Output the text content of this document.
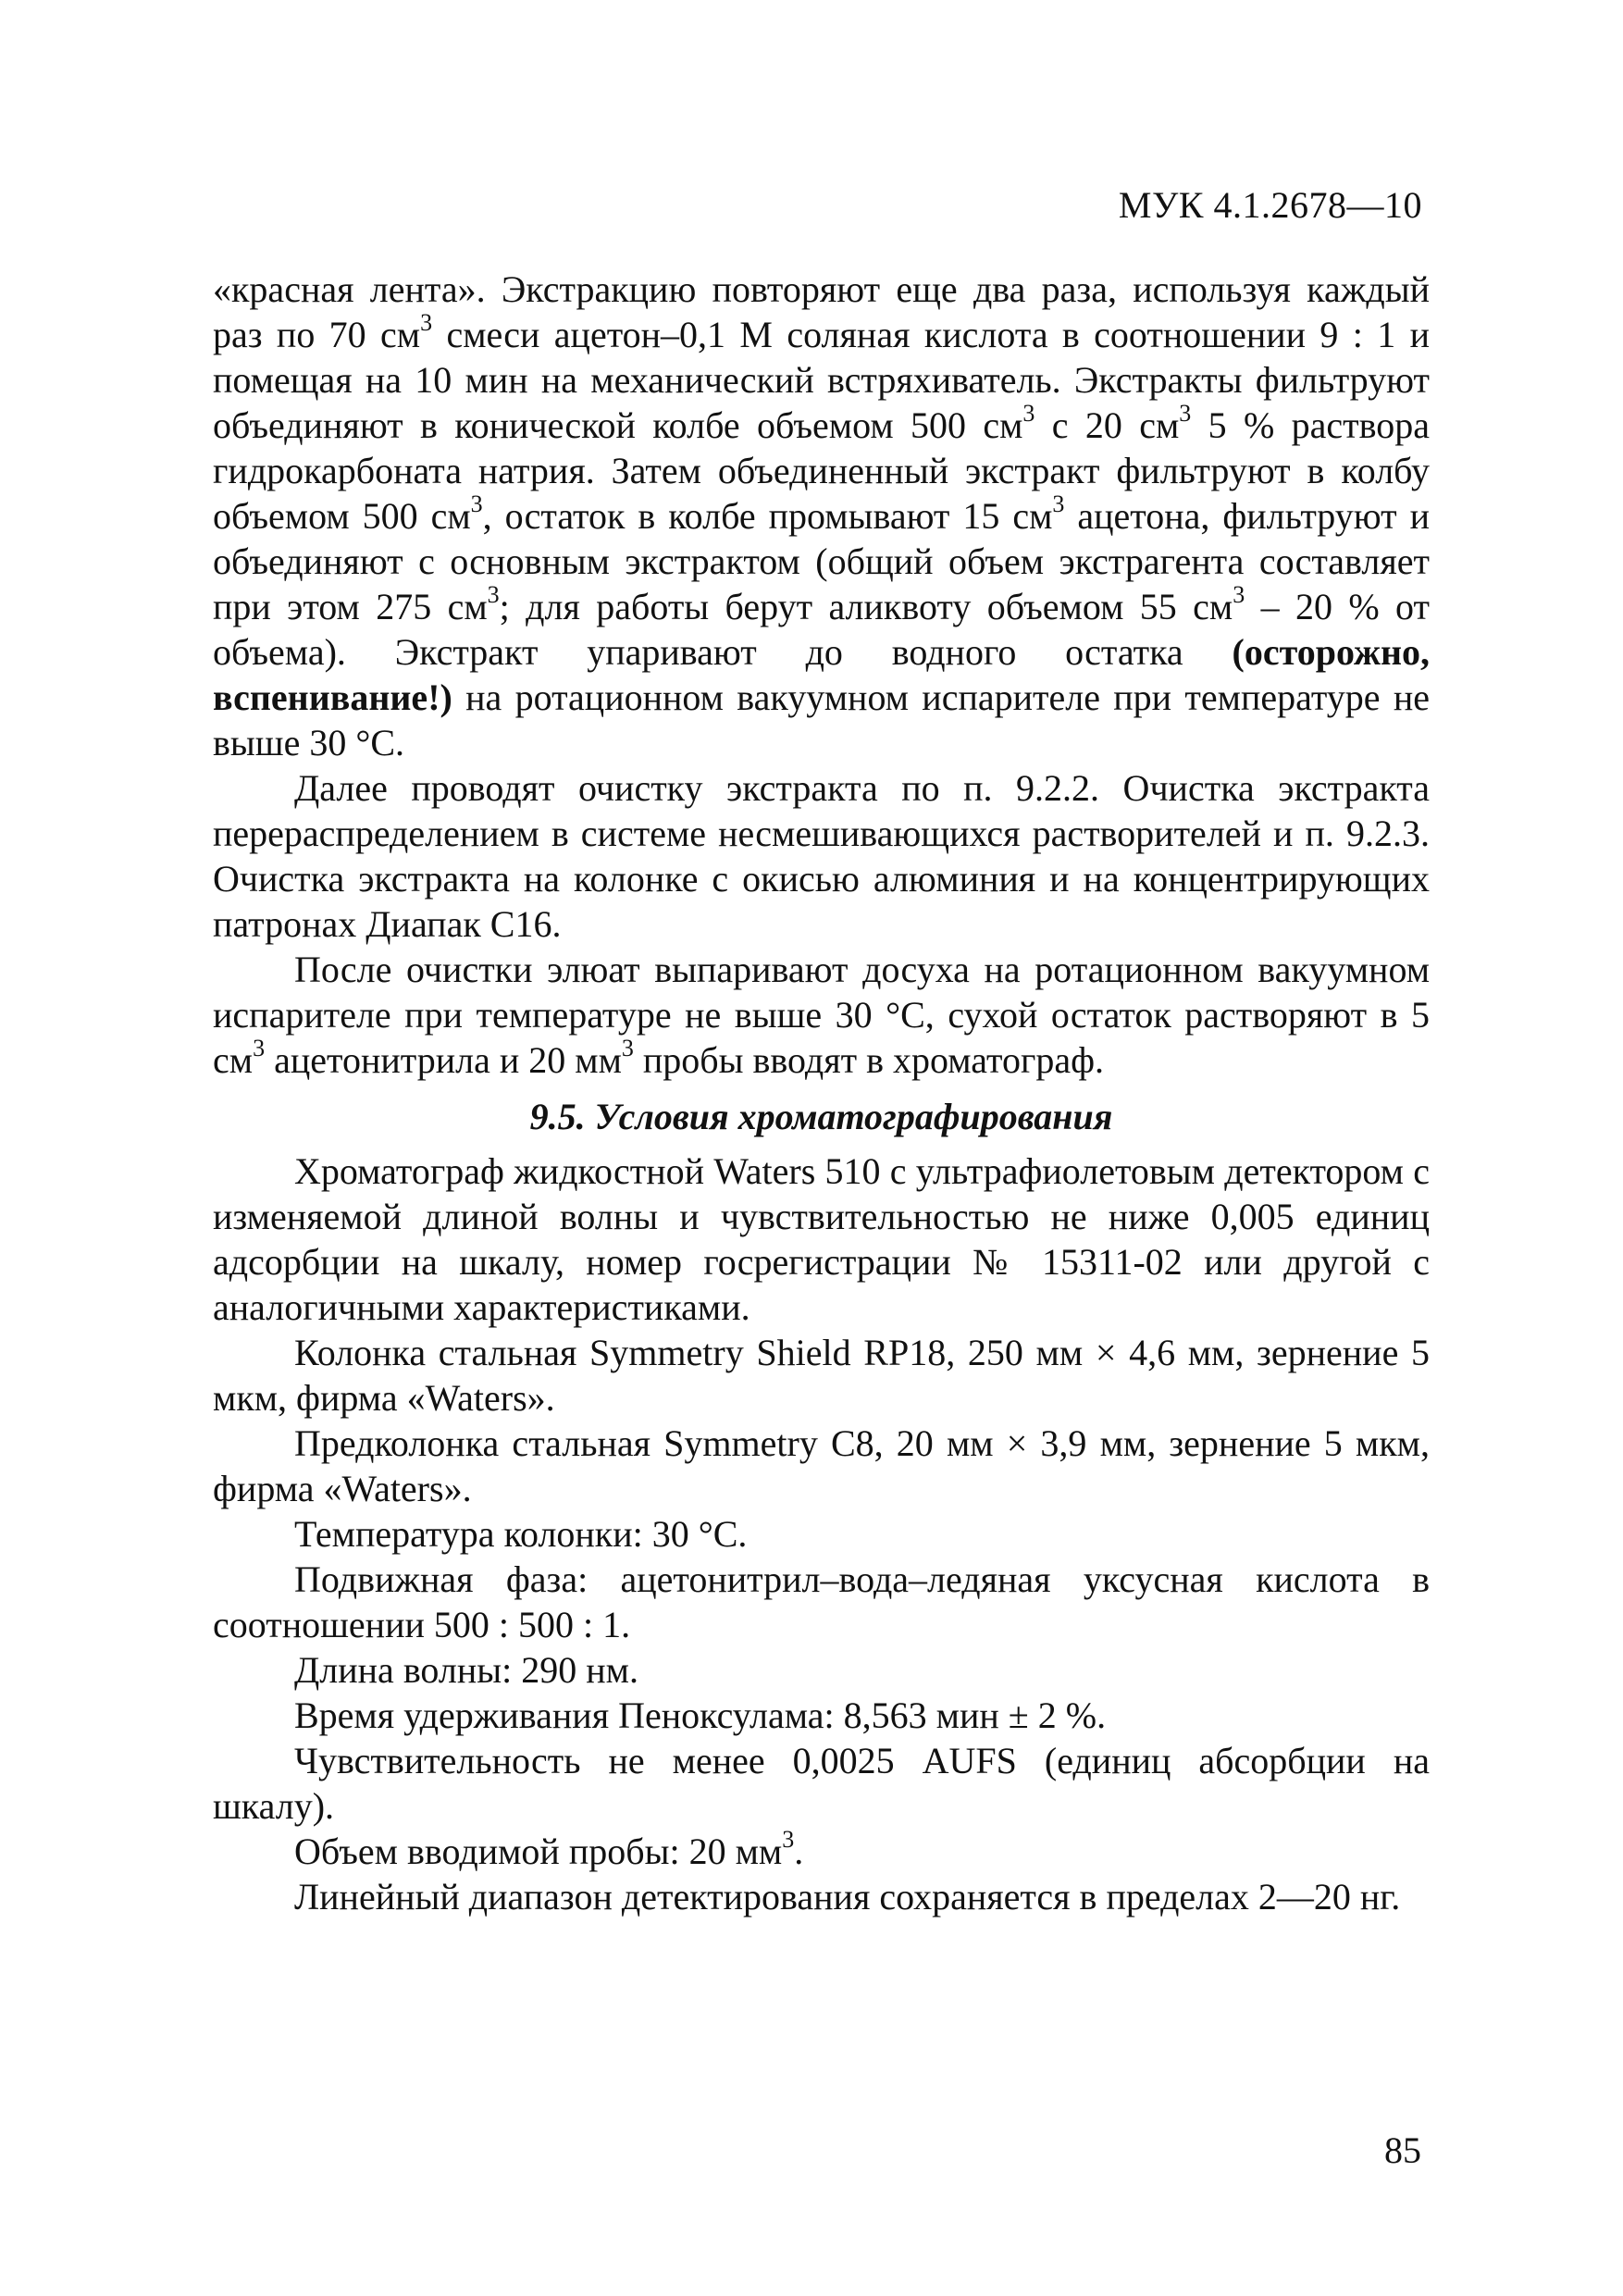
МУК 4.1.2678—10

«красная лента». Экстракцию повторяют еще два раза, используя каждый раз по 70 $см^3$ смеси ацетон–0,1 М соляная кислота в соотношении 9 : 1 и помещая на 10 мин на механический встряхиватель. Экстракты фильтруют объединяют в конической колбе объемом 500 $см^3$ с 20 $см^3$ 5 % раствора гидрокарбоната натрия. Затем объединенный экстракт фильтруют в колбу объемом 500 $см^3$, остаток в колбе промывают 15 $см^3$ ацетона, фильтруют и объединяют с основным экстрактом (общий объем экстрагента составляет при этом 275 $см^3$; для работы берут аликвоту объемом 55 $см^3 - 20$ % от объема). Экстракт упаривают до водного остатка (осторожно, вспенивание!) на ротационном вакуумном испарителе при температуре не выше 30 °С.

Далее проводят очистку экстракта по п. 9.2.2. Очистка экстракта перераспределением в системе несмешивающихся растворителей и п. 9.2.3. Очистка экстракта на колонке с окисью алюминия и на концентрирующих патронах Диапак С16.

После очистки элюат выпаривают досуха на ротационном вакуумном испарителе при температуре не выше 30 °С, сухой остаток растворяют в 5 $см^3$ ацетонитрила и 20 $мм^3$ пробы вводят в хроматограф.

9.5. Условия хроматографирования

Хроматограф жидкостной Waters 510 с ультрафиолетовым детектором с изменяемой длиной волны и чувствительностью не ниже 0,005 единиц адсорбции на шкалу, номер госрегистрации № 15311-02 или другой с аналогичными характеристиками.

Колонка стальная Symmetry Shield RP18, 250 мм × 4,6 мм, зернение 5 мкм, фирма «Waters».

Предколонка стальная Symmetry C8, 20 мм × 3,9 мм, зернение 5 мкм, фирма «Waters».

Температура колонки: 30 °С.

Подвижная фаза: ацетонитрил–вода–ледяная уксусная кислота в соотношении 500 : 500 : 1.

Длина волны: 290 нм.

Время удерживания Пеноксулама: 8,563 мин ± 2 %.

Чувствительность не менее 0,0025 AUFS (единиц абсорбции на шкалу).

Объем вводимой пробы: 20 $мм^3$.

Линейный диапазон детектирования сохраняется в пределах 2—20 нг.

85
